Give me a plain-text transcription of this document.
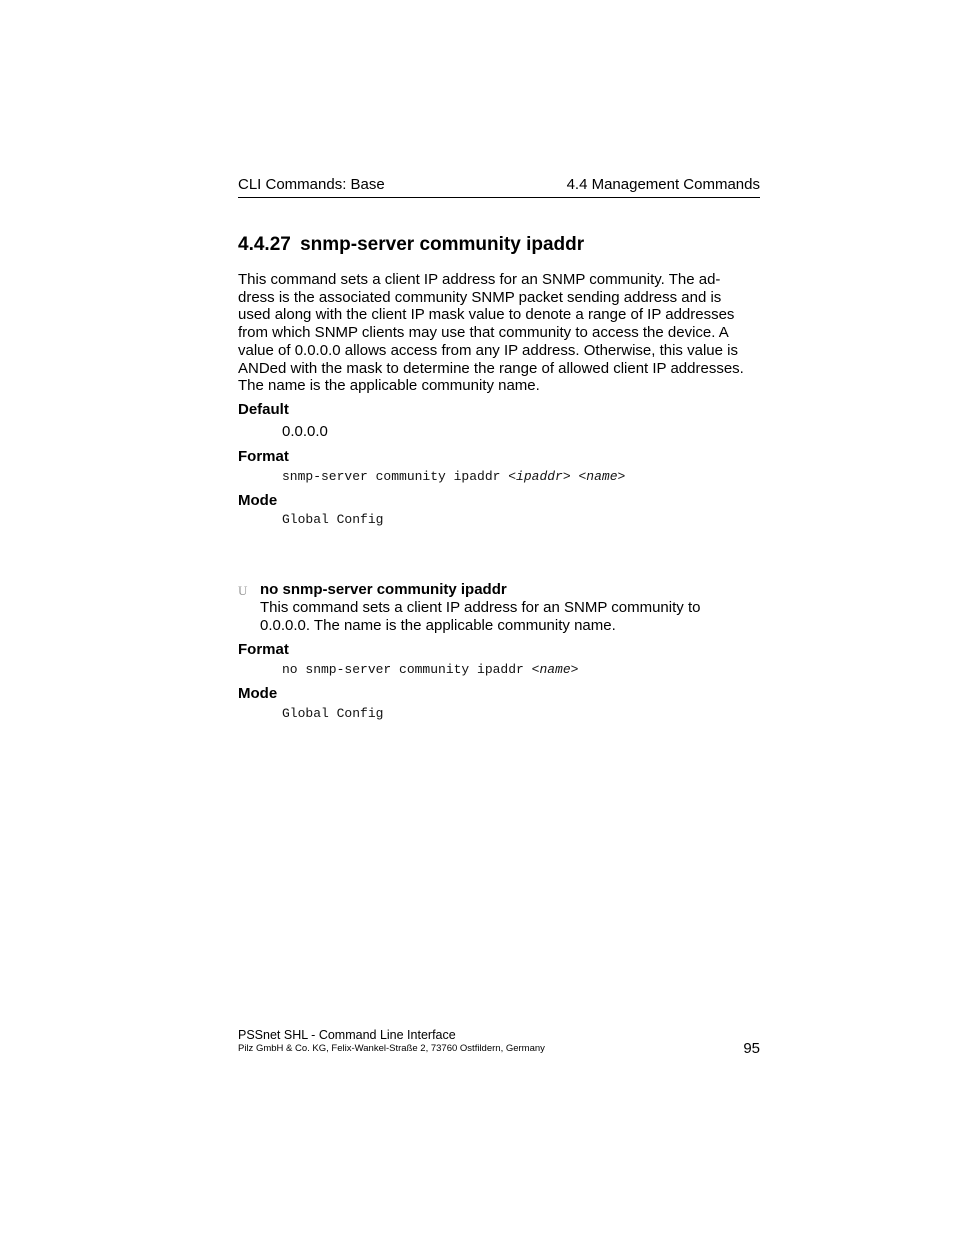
CLI Commands: Base	4.4 Management Commands
4.4.27 snmp-server community ipaddr
This command sets a client IP address for an SNMP community. The ad-
dress is the associated community SNMP packet sending address and is
used along with the client IP mask value to denote a range of IP addresses
from which SNMP clients may use that community to access the device. A
value of 0.0.0.0 allows access from any IP address. Otherwise, this value is
ANDed with the mask to determine the range of allowed client IP addresses.
The name is the applicable community name.
Default
0.0.0.0
Format
snmp-server community ipaddr <ipaddr> <name>
Mode
Global Config
U no snmp-server community ipaddr
This command sets a client IP address for an SNMP community to
0.0.0.0. The name is the applicable community name.
Format
no snmp-server community ipaddr <name>
Mode
Global Config
PSSnet SHL - Command Line Interface
Pilz GmbH & Co. KG, Felix-Wankel-Straße 2, 73760 Ostfildern, Germany	95
